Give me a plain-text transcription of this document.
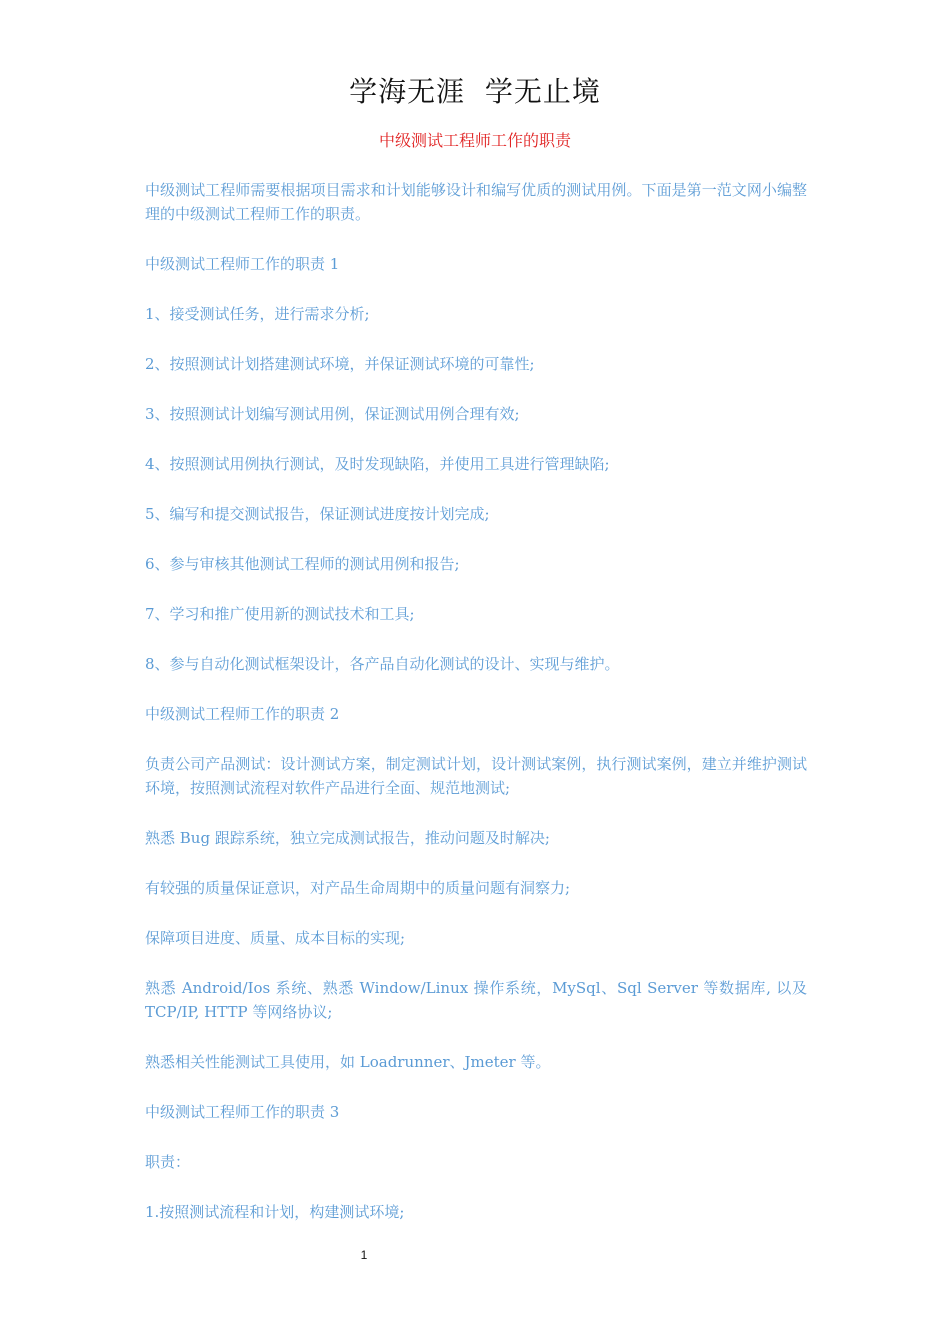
学海无涯  学无止境
中级测试工程师工作的职责

中级测试工程师需要根据项目需求和计划能够设计和编写优质的测试用例。下面是第一范文网小编整理的中级测试工程师工作的职责。

中级测试工程师工作的职责 1

1、接受测试任务，进行需求分析;

2、按照测试计划搭建测试环境，并保证测试环境的可靠性;

3、按照测试计划编写测试用例，保证测试用例合理有效;

4、按照测试用例执行测试，及时发现缺陷，并使用工具进行管理缺陷;

5、编写和提交测试报告，保证测试进度按计划完成;

6、参与审核其他测试工程师的测试用例和报告;

7、学习和推广使用新的测试技术和工具;

8、参与自动化测试框架设计，各产品自动化测试的设计、实现与维护。

中级测试工程师工作的职责 2

负责公司产品测试：设计测试方案，制定测试计划，设计测试案例，执行测试案例，建立并维护测试环境，按照测试流程对软件产品进行全面、规范地测试;

熟悉 Bug 跟踪系统，独立完成测试报告，推动问题及时解决;

有较强的质量保证意识，对产品生命周期中的质量问题有洞察力;

保障项目进度、质量、成本目标的实现;

熟悉 Android/Ios 系统、熟悉 Window/Linux 操作系统，MySql、Sql Server 等数据库, 以及 TCP/IP, HTTP 等网络协议;

熟悉相关性能测试工具使用，如 Loadrunner、Jmeter 等。

中级测试工程师工作的职责 3

职责：

1.按照测试流程和计划，构建测试环境;

1
